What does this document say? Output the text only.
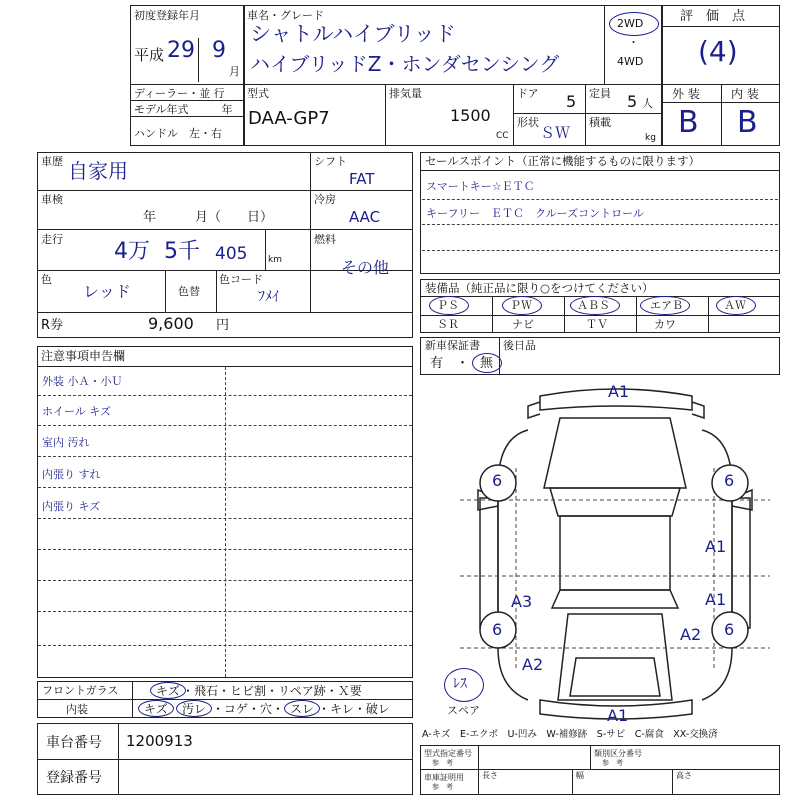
初度登録年月
平成 29 9
月
車名・グレード
シャトルハイブリッド
ハイブリッドZ・ホンダセンシング
2WD
・
4WD
ディーラー・並 行
モデル年式　　　年
ハンドル　左・右
型式
DAA-GP7
排気量
1500
CC
ドア 5 定員 5 人
形状
ＳＷ
積載
kg
評　価　点
(4)
外 装	内 装
B B
車歴 自家用
車検
年　　　月（　　日）
走行 4万 5千 405 km
色
レッド	色替
色コード
ﾌﾒｲ
シフト
FAT
冷房
AAC
燃料
その他
R券	9,600 円
セールスポイント（正常に機能するものに限ります）
スマートキー☆ＥＴＣ
キーフリー　ＥＴＣ　クルーズコントロール
装備品（純正品に限り○をつけてください）
ＰＳ	ＰＷ	ＡＢＳ	エアＢ	ＡＷ
ＳＲ	ナビ	ＴＶ	カワ
新車保証書
有　・ 無
後日品
注意事項申告欄
外装 小Ａ・小Ｕ
ホイール キズ
室内 汚れ
内張り すれ
内張り キズ
フロントガラス
内装
キズ ・飛石・ヒビ割・リペア跡・Ｘ要
キズ 汚レ ・コゲ・穴・ スレ ・キレ・破レ
車台番号 1200913
登録番号
A1
A1
6	6
6	6
A1
A1
A3
A2
A2
ﾚｽ
スペア
A-キズ　E-エクボ　U-凹み　W-補修跡　S-サビ　C-腐食　XX-交換済
型式指定番号
参　考
類別区分番号
参　考
車庫証明用
参　考
長さ	幅	高さ
